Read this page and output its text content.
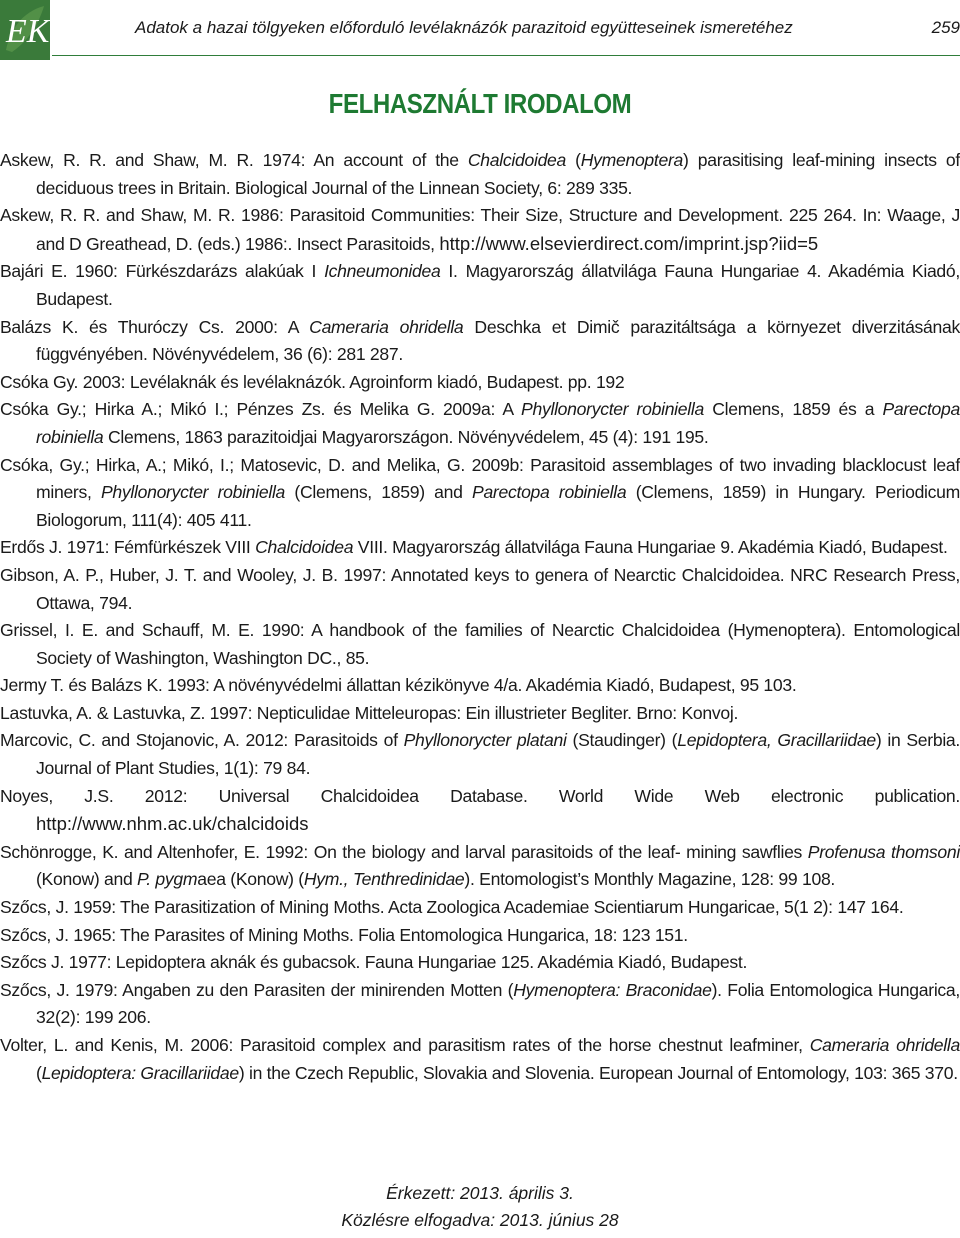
EK	Adatok a hazai tölgyeken előforduló levélaknázók parazitoid együtteseinek ismeretéhez	259
FELHASZNÁLT IRODALOM
Askew, R. R. and Shaw, M. R. 1974: An account of the Chalcidoidea (Hymenoptera) parasitising leaf-mining insects of deciduous trees in Britain. Biological Journal of the Linnean Society, 6: 289 335.
Askew, R. R. and Shaw, M. R. 1986: Parasitoid Communities: Their Size, Structure and Development. 225 264. In: Waage, J and D Greathead, D. (eds.) 1986:. Insect Parasitoids, http://www.elsevierdirect.com/imprint.jsp?iid=5
Bajári E. 1960: Fürkészdarázs alakúak I Ichneumonidea I. Magyarország állatvilága Fauna Hungariae 4. Akadémia Kiadó, Budapest.
Balázs K. és Thuróczy Cs. 2000: A Cameraria ohridella Deschka et Dimič parazitáltsága a környezet diverzitásának függvényében. Növényvédelem, 36 (6): 281 287.
Csóka Gy. 2003: Levélaknák és levélaknázók. Agroinform kiadó, Budapest. pp. 192
Csóka Gy.; Hirka A.; Mikó I.; Pénzes Zs. és Melika G. 2009a: A Phyllonorycter robiniella Clemens, 1859 és a Parectopa robiniella Clemens, 1863 parazitoidjai Magyarországon. Növényvédelem, 45 (4): 191 195.
Csóka, Gy.; Hirka, A.; Mikó, I.; Matosevic, D. and Melika, G. 2009b: Parasitoid assemblages of two invading blacklocust leaf miners, Phyllonorycter robiniella (Clemens, 1859) and Parectopa robiniella (Clemens, 1859) in Hungary. Periodicum Biologorum, 111(4): 405 411.
Erdős J. 1971: Fémfürkészek VIII Chalcidoidea VIII. Magyarország állatvilága Fauna Hungariae 9. Akadémia Kiadó, Budapest.
Gibson, A. P., Huber, J. T. and Wooley, J. B. 1997: Annotated keys to genera of Nearctic Chalcidoidea. NRC Research Press, Ottawa, 794.
Grissel, I. E. and Schauff, M. E. 1990: A handbook of the families of Nearctic Chalcidoidea (Hymenoptera). Entomological Society of Washington, Washington DC., 85.
Jermy T. és Balázs K. 1993: A növényvédelmi állattan kézikönyve 4/a. Akadémia Kiadó, Budapest, 95 103.
Lastuvka, A. & Lastuvka, Z. 1997: Nepticulidae Mitteleuropas: Ein illustrieter Begliter. Brno: Konvoj.
Marcovic, C. and Stojanovic, A. 2012: Parasitoids of Phyllonorycter platani (Staudinger) (Lepidoptera, Gracillariidae) in Serbia. Journal of Plant Studies, 1(1): 79 84.
Noyes, J.S. 2012: Universal Chalcidoidea Database. World Wide Web electronic publication. http://www.nhm.ac.uk/chalcidoids
Schönrogge, K. and Altenhofer, E. 1992: On the biology and larval parasitoids of the leaf- mining sawflies Profenusa thomsoni (Konow) and P. pygmaea (Konow) (Hym., Tenthredinidae). Entomologist’s Monthly Magazine, 128: 99 108.
Szőcs, J. 1959: The Parasitization of Mining Moths. Acta Zoologica Academiae Scientiarum Hungaricae, 5(1 2): 147 164.
Szőcs, J. 1965: The Parasites of Mining Moths. Folia Entomologica Hungarica, 18: 123 151.
Szőcs J. 1977: Lepidoptera aknák és gubacsok. Fauna Hungariae 125. Akadémia Kiadó, Budapest.
Szőcs, J. 1979: Angaben zu den Parasiten der minirenden Motten (Hymenoptera: Braconidae). Folia Entomologica Hungarica, 32(2): 199 206.
Volter, L. and Kenis, M. 2006: Parasitoid complex and parasitism rates of the horse chestnut leafminer, Cameraria ohridella (Lepidoptera: Gracillariidae) in the Czech Republic, Slovakia and Slovenia. European Journal of Entomology, 103: 365 370.
Érkezett: 2013. április 3.
Közlésre elfogadva: 2013. június 28
